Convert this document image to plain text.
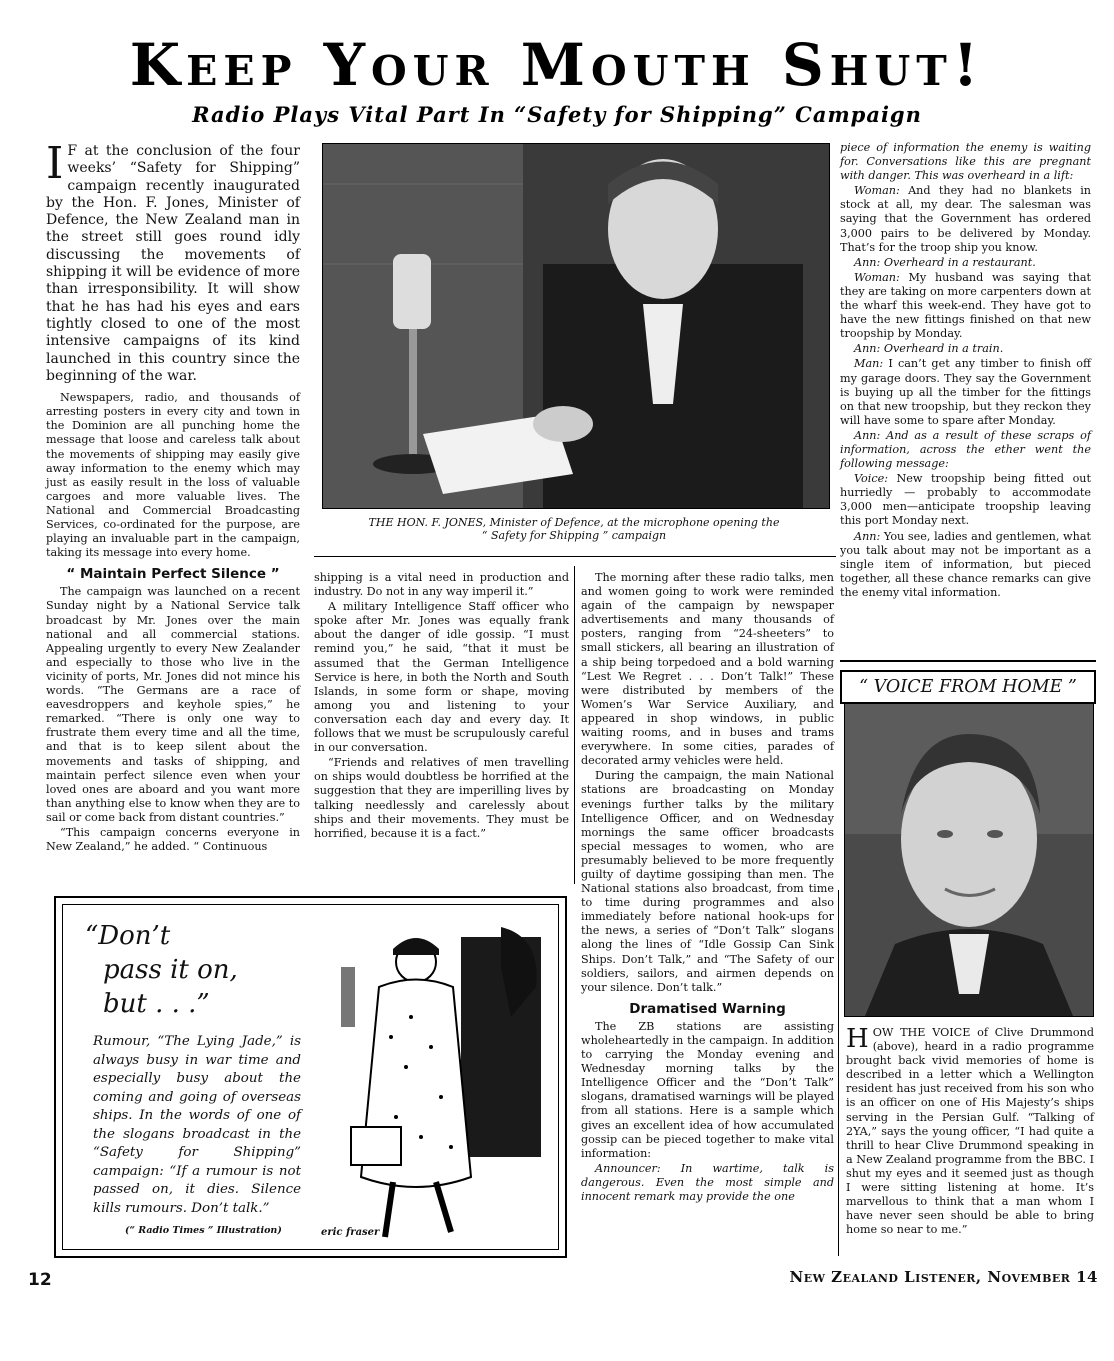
Keep Your Mouth Shut!
Radio Plays Vital Part In “Safety for Shipping” Campaign
I F at the conclusion of the four weeks’ “Safety for Shipping” campaign recently inaugurated by the Hon. F. Jones, Minister of Defence, the New Zealand man in the street still goes round idly discussing the movements of shipping it will be evidence of more than irresponsibility. It will show that he has had his eyes and ears tightly closed to one of the most intensive campaigns of its kind launched in this country since the beginning of the war.

Newspapers, radio, and thousands of arresting posters in every city and town in the Dominion are all punching home the message that loose and careless talk about the movements of shipping may easily give away information to the enemy which may just as easily result in the loss of valuable cargoes and more valuable lives. The National and Commercial Broadcasting Services, co-ordinated for the purpose, are playing an invaluable part in the campaign, taking its message into every home.

“ Maintain Perfect Silence ”

The campaign was launched on a recent Sunday night by a National Service talk broadcast by Mr. Jones over the main national and all commercial stations. Appealing urgently to every New Zealander and especially to those who live in the vicinity of ports, Mr. Jones did not mince his words. “The Germans are a race of eavesdroppers and keyhole spies,” he remarked. “There is only one way to frustrate them every time and all the time, and that is to keep silent about the movements and tasks of shipping, and maintain perfect silence even when your loved ones are aboard and you want more than anything else to know when they are to sail or come back from distant countries.”

“This campaign concerns everyone in New Zealand,” he added. “ Continuous

THE HON. F. JONES, Minister of Defence, at the microphone opening the
“ Safety for Shipping ” campaign

shipping is a vital need in production and industry. Do not in any way imperil it.”

A military Intelligence Staff officer who spoke after Mr. Jones was equally frank about the danger of idle gossip. “I must remind you,” he said, “that it must be assumed that the German Intelligence Service is here, in both the North and South Islands, in some form or shape, moving among you and listening to your conversation each day and every day. It follows that we must be scrupulously careful in our conversation.

“Friends and relatives of men travelling on ships would doubtless be horrified at the suggestion that they are imperilling lives by talking needlessly and carelessly about ships and their movements. They must be horrified, because it is a fact.”

The morning after these radio talks, men and women going to work were reminded again of the campaign by newspaper advertisements and many thousands of posters, ranging from “24-sheeters” to small stickers, all bearing an illustration of a ship being torpedoed and a bold warning “Lest We Regret . . . Don’t Talk!” These were distributed by members of the Women’s War Service Auxiliary, and appeared in shop windows, in public waiting rooms, and in buses and trams everywhere. In some cities, parades of decorated army vehicles were held.

During the campaign, the main National stations are broadcasting on Monday evenings further talks by the military Intelligence Officer, and on Wednesday mornings the same officer broadcasts special messages to women, who are presumably believed to be more frequently guilty of daytime gossiping than men. The National stations also broadcast, from time to time during programmes and also immediately before national hook-ups for the news, a series of “Don’t Talk” slogans along the lines of “Idle Gossip Can Sink Ships. Don’t Talk,” and “The Safety of our soldiers, sailors, and airmen depends on your silence. Don’t talk.”

Dramatised Warning

The ZB stations are assisting wholeheartedly in the campaign. In addition to carrying the Monday evening and Wednesday morning talks by the Intelligence Officer and the “Don’t Talk” slogans, dramatised warnings will be played from all stations. Here is a sample which gives an excellent idea of how accumulated gossip can be pieced together to make vital information:

Announcer: In wartime, talk is dangerous. Even the most simple and innocent remark may provide the one

piece of information the enemy is waiting for. Conversations like this are pregnant with danger. This was overheard in a lift:

Woman: And they had no blankets in stock at all, my dear. The salesman was saying that the Government has ordered 3,000 pairs to be delivered by Monday. That’s for the troop ship you know.

Ann: Overheard in a restaurant.

Woman: My husband was saying that they are taking on more carpenters down at the wharf this week-end. They have got to have the new fittings finished on that new troopship by Monday.

Ann: Overheard in a train.

Man: I can’t get any timber to finish off my garage doors. They say the Government is buying up all the timber for the fittings on that new troopship, but they reckon they will have some to spare after Monday.

Ann: And as a result of these scraps of information, across the ether went the following message:

Voice: New troopship being fitted out hurriedly — probably to accommodate 3,000 men—anticipate troopship leaving this port Monday next.

Ann: You see, ladies and gentlemen, what you talk about may not be important as a single item of information, but pieced together, all these chance remarks can give the enemy vital information.

“ VOICE FROM HOME ”

HOW THE VOICE of Clive Drummond (above), heard in a radio programme brought back vivid memories of home is described in a letter which a Wellington resident has just received from his son who is an officer on one of His Majesty’s ships serving in the Persian Gulf. “Talking of 2YA,” says the young officer, “I had quite a thrill to hear Clive Drummond speaking in a New Zealand programme from the BBC. I shut my eyes and it seemed just as though I were sitting listening at home. It’s marvellous to think that a man whom I have never seen should be able to bring home so near to me.”

“Don’t
pass it on,
but . . .”
Rumour, “The Lying Jade,” is always busy in war time and especially busy about the coming and going of overseas ships. In the words of one of the slogans broadcast in the “Safety for Shipping” campaign: “If a rumour is not passed on, it dies. Silence kills rumours. Don’t talk.”
(“ Radio Times ” Illustration)	eric fraser
12	New Zealand Listener, November 14
